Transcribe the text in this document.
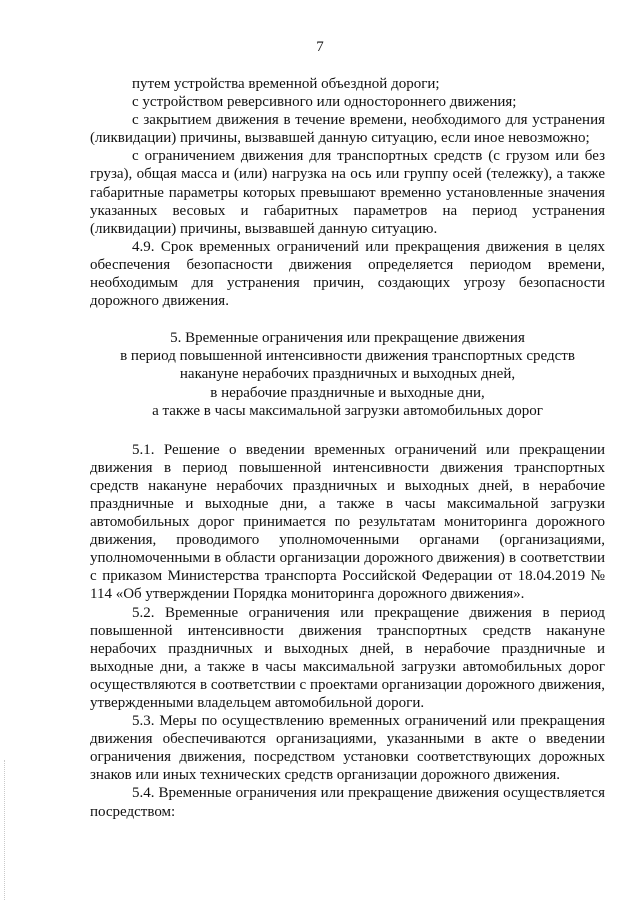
7

путем устройства временной объездной дороги;

с устройством реверсивного или одностороннего движения;

с закрытием движения в течение времени, необходимого для устранения (ликвидации) причины, вызвавшей данную ситуацию, если иное невозможно;

с ограничением движения для транспортных средств (с грузом или без груза), общая масса и (или) нагрузка на ось или группу осей (тележку), а также габаритные параметры которых превышают временно установленные значения указанных весовых и габаритных параметров на период устранения (ликвидации) причины, вызвавшей данную ситуацию.

4.9. Срок временных ограничений или прекращения движения в целях обеспечения безопасности движения определяется периодом времени, необходимым для устранения причин, создающих угрозу безопасности дорожного движения.

5. Временные ограничения или прекращение движения
в период повышенной интенсивности движения транспортных средств
накануне нерабочих праздничных и выходных дней,
в нерабочие праздничные и выходные дни,
а также в часы максимальной загрузки автомобильных дорог

5.1. Решение о введении временных ограничений или прекращении движения в период повышенной интенсивности движения транспортных средств накануне нерабочих праздничных и выходных дней, в нерабочие праздничные и выходные дни, а также в часы максимальной загрузки автомобильных дорог принимается по результатам мониторинга дорожного движения, проводимого уполномоченными органами (организациями, уполномоченными в области организации дорожного движения) в соответствии с приказом Министерства транспорта Российской Федерации от 18.04.2019 № 114 «Об утверждении Порядка мониторинга дорожного движения».

5.2. Временные ограничения или прекращение движения в период повышенной интенсивности движения транспортных средств накануне нерабочих праздничных и выходных дней, в нерабочие праздничные и выходные дни, а также в часы максимальной загрузки автомобильных дорог осуществляются в соответствии с проектами организации дорожного движения, утвержденными владельцем автомобильной дороги.

5.3. Меры по осуществлению временных ограничений или прекращения движения обеспечиваются организациями, указанными в акте о введении ограничения движения, посредством установки соответствующих дорожных знаков или иных технических средств организации дорожного движения.

5.4. Временные ограничения или прекращение движения осуществляется посредством:
